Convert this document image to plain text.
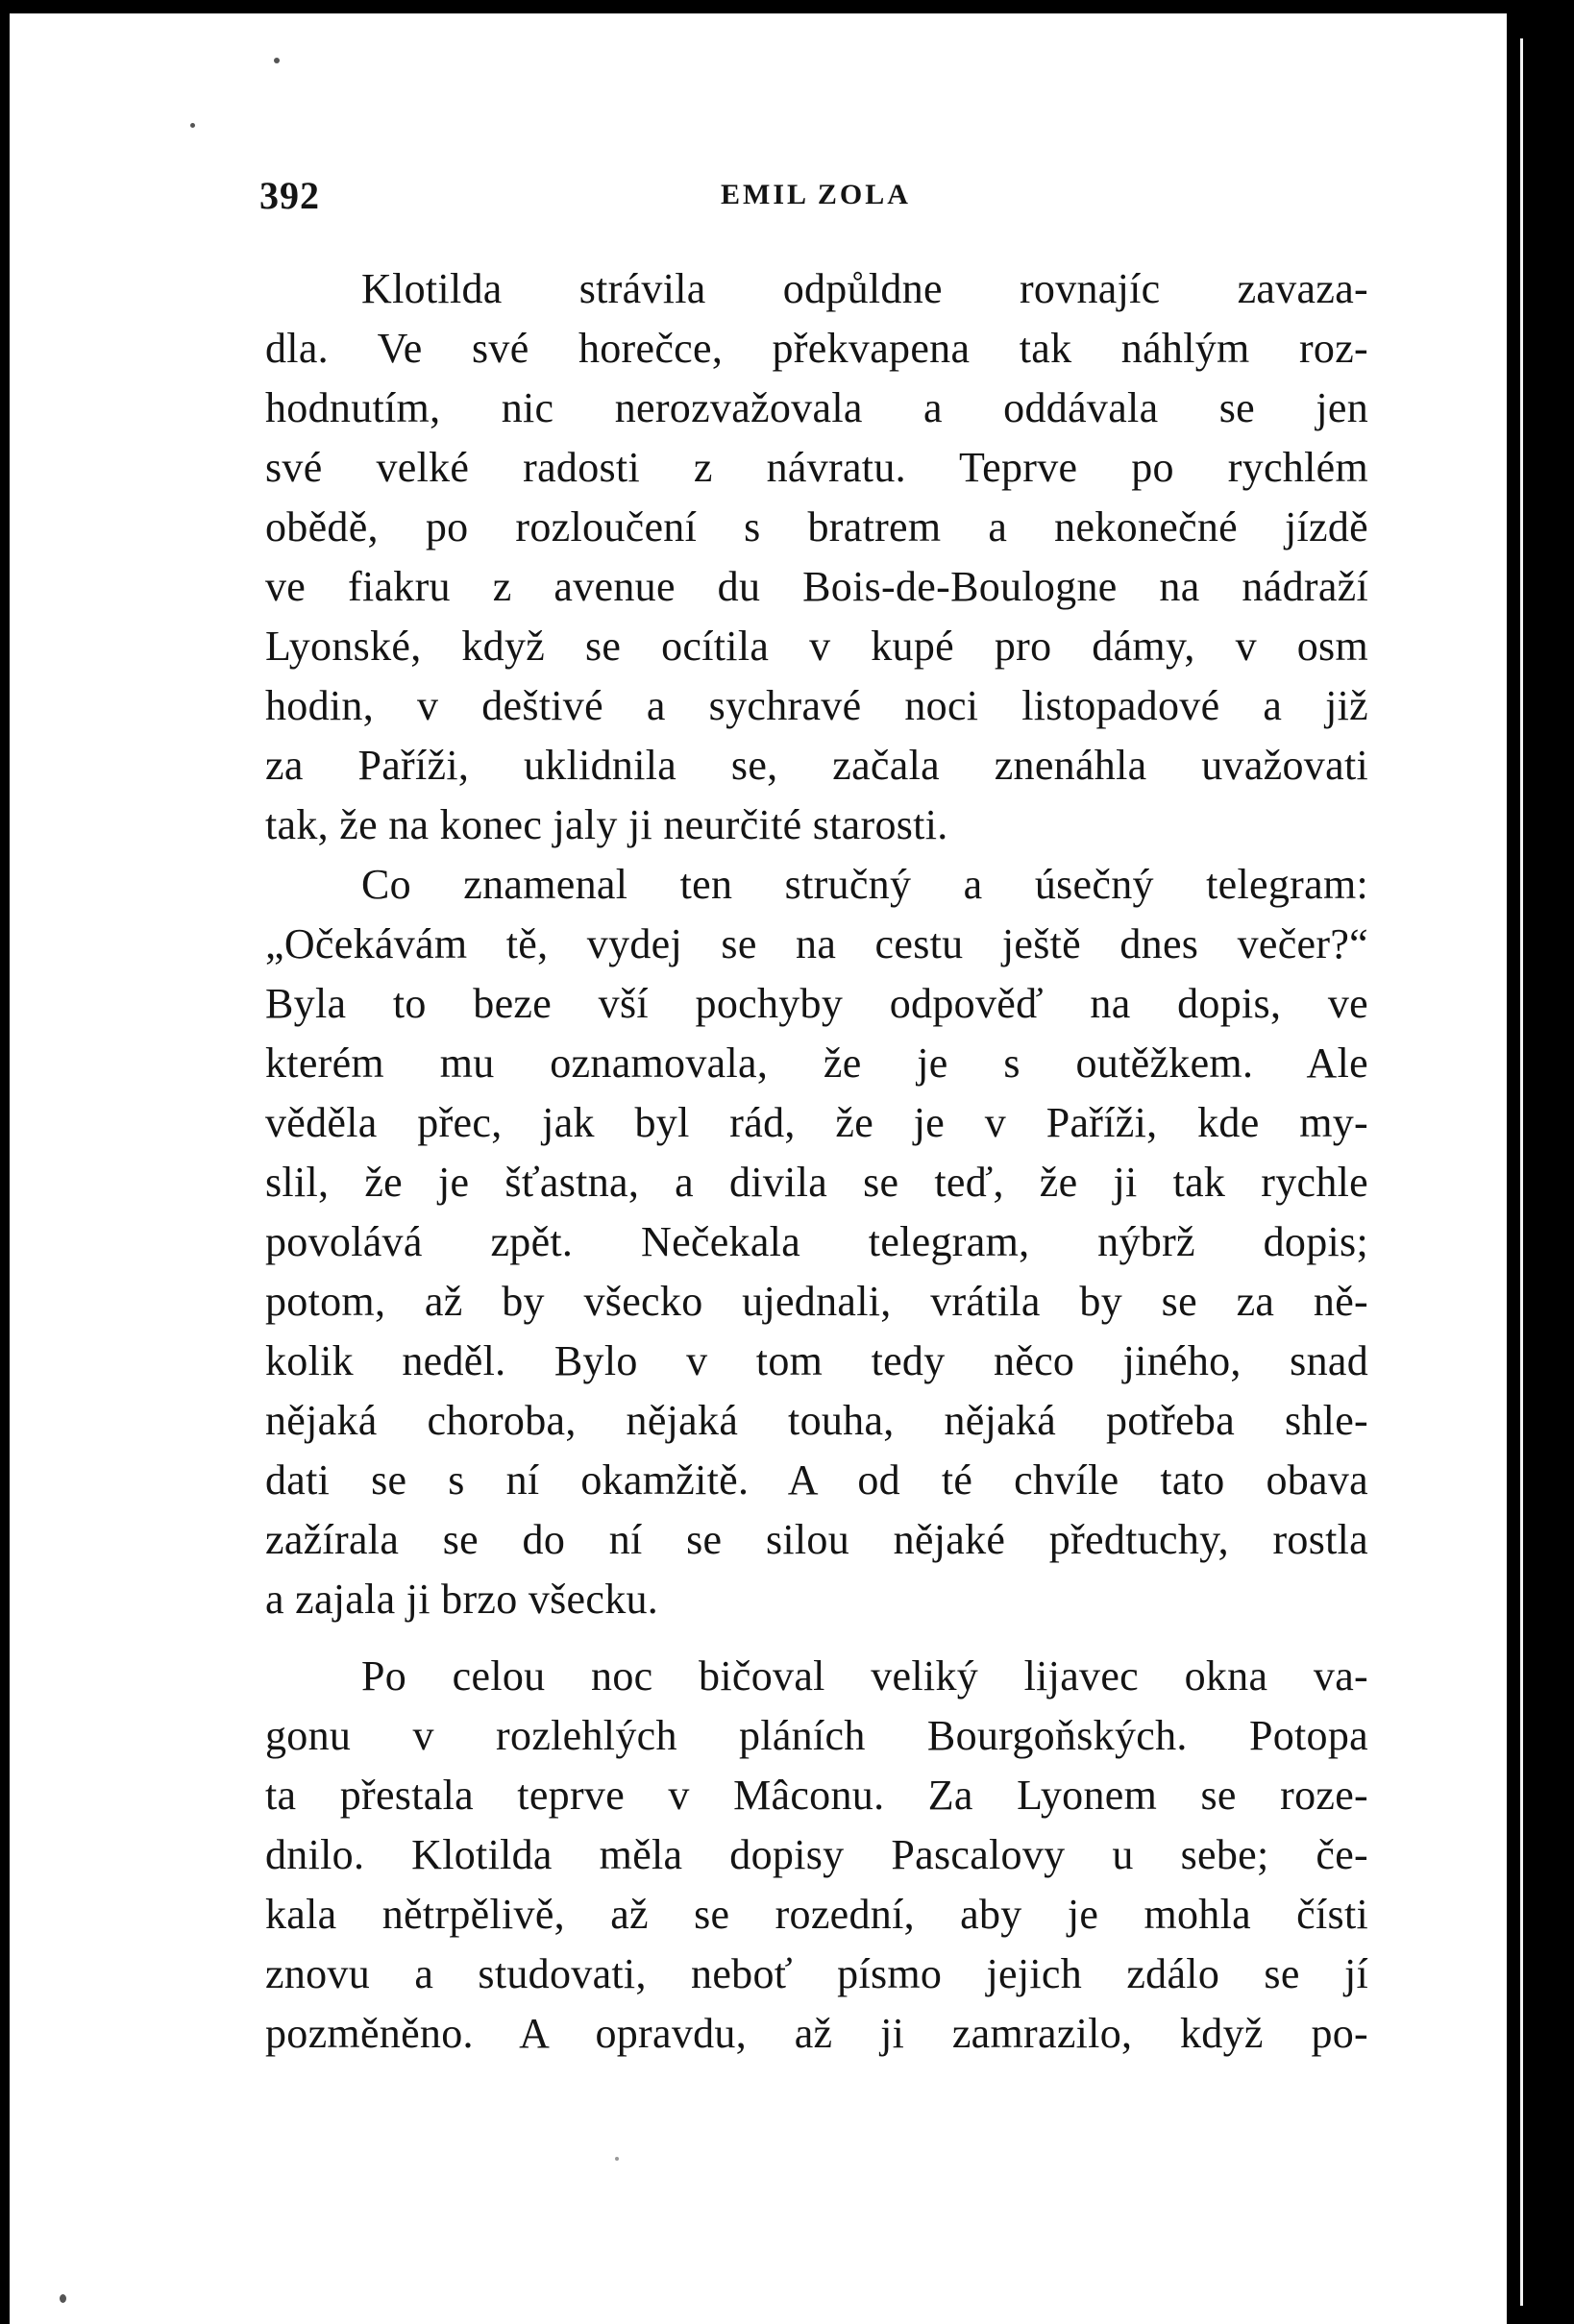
392	EMIL ZOLA
Klotilda strávila odpůldne rovnajíc zavaza-
dla. Ve své horečce, překvapena tak náhlým roz-
hodnutím, nic nerozvažovala a oddávala se jen
své velké radosti z návratu. Teprve po rychlém
obědě, po rozloučení s bratrem a nekonečné jízdě
ve fiakru z avenue du Bois-de-Boulogne na nádraží
Lyonské, když se ocítila v kupé pro dámy, v osm
hodin, v deštivé a sychravé noci listopadové a již
za Paříži, uklidnila se, začala znenáhla uvažovati
tak, že na konec jaly ji neurčité starosti.
Co znamenal ten stručný a úsečný telegram:
„Očekávám tě, vydej se na cestu ještě dnes večer?“
Byla to beze vší pochyby odpověď na dopis, ve
kterém mu oznamovala, že je s outěžkem. Ale
věděla přec, jak byl rád, že je v Paříži, kde my-
slil, že je šťastna, a divila se teď, že ji tak rychle
povolává zpět. Nečekala telegram, nýbrž dopis;
potom, až by všecko ujednali, vrátila by se za ně-
kolik neděl. Bylo v tom tedy něco jiného, snad
nějaká choroba, nějaká touha, nějaká potřeba shle-
dati se s ní okamžitě. A od té chvíle tato obava
zažírala se do ní se silou nějaké předtuchy, rostla
a zajala ji brzo všecku.
Po celou noc bičoval veliký lijavec okna va-
gonu v rozlehlých pláních Bourgoňských. Potopa
ta přestala teprve v Mâconu. Za Lyonem se roze-
dnilo. Klotilda měla dopisy Pascalovy u sebe; če-
kala nětrpělivě, až se rozední, aby je mohla čísti
znovu a studovati, neboť písmo jejich zdálo se jí
pozměněno. A opravdu, až ji zamrazilo, když po-
